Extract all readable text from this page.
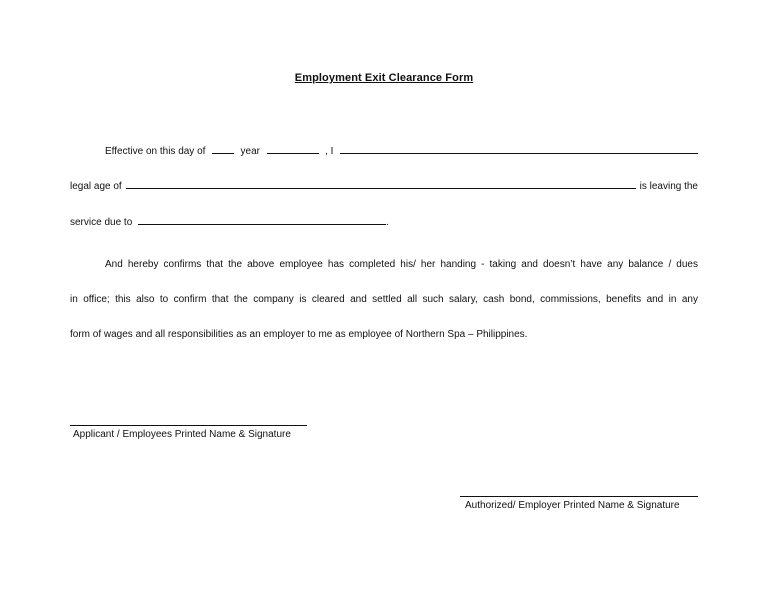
Employment Exit Clearance Form
Effective on this day of	year	, I
legal age of	is leaving the
service due to	.
And hereby confirms that the above employee has completed his/ her handing - taking and doesn’t have any balance / dues
in office; this also to confirm that the company is cleared and settled all such salary, cash bond, commissions, benefits and in any
form of wages and all responsibilities as an employer to me as employee of Northern Spa – Philippines.
Applicant / Employees Printed Name & Signature
Authorized/ Employer Printed Name & Signature
